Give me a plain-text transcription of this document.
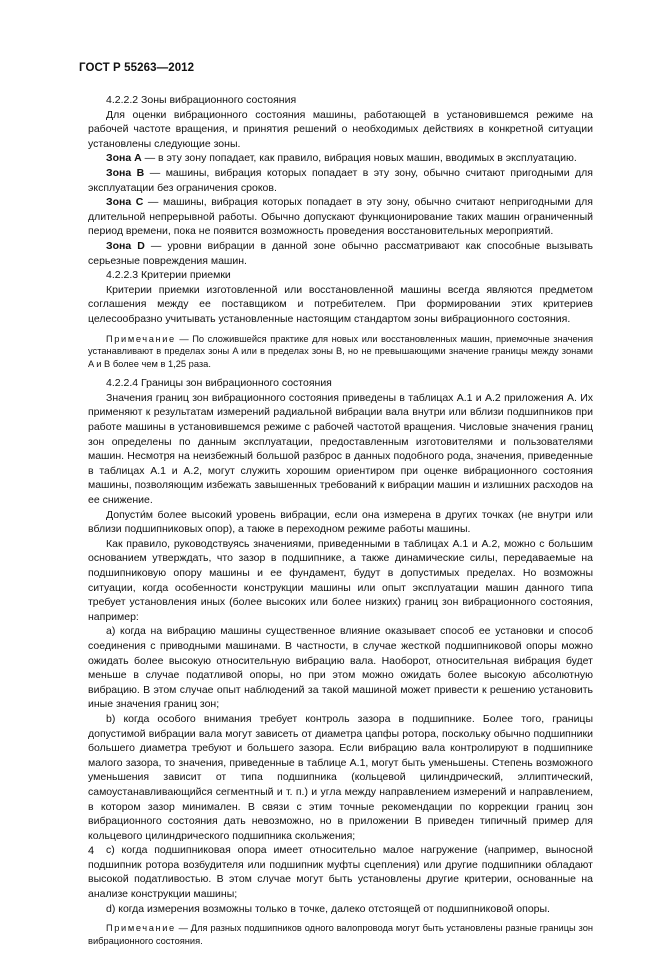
ГОСТ Р 55263—2012

4.2.2.2 Зоны вибрационного состояния

Для оценки вибрационного состояния машины, работающей в установившемся режиме на рабочей частоте вращения, и принятия решений о необходимых действиях в конкретной ситуации установлены следующие зоны.

Зона A — в эту зону попадает, как правило, вибрация новых машин, вводимых в эксплуатацию.

Зона B — машины, вибрация которых попадает в эту зону, обычно считают пригодными для эксплуатации без ограничения сроков.

Зона C — машины, вибрация которых попадает в эту зону, обычно считают непригодными для длительной непрерывной работы. Обычно допускают функционирование таких машин ограниченный период времени, пока не появится возможность проведения восстановительных мероприятий.

Зона D — уровни вибрации в данной зоне обычно рассматривают как способные вызывать серьезные повреждения машин.

4.2.2.3 Критерии приемки

Критерии приемки изготовленной или восстановленной машины всегда являются предметом соглашения между ее поставщиком и потребителем. При формировании этих критериев целесообразно учитывать установленные настоящим стандартом зоны вибрационного состояния.

Примечание — По сложившейся практике для новых или восстановленных машин, приемочные значения устанавливают в пределах зоны A или в пределах зоны B, но не превышающими значение границы между зонами A и B более чем в 1,25 раза.

4.2.2.4 Границы зон вибрационного состояния

Значения границ зон вибрационного состояния приведены в таблицах A.1 и A.2 приложения A. Их применяют к результатам измерений радиальной вибрации вала внутри или вблизи подшипников при работе машины в установившемся режиме с рабочей частотой вращения. Числовые значения границ зон определены по данным эксплуатации, предоставленным изготовителями и пользователями машин. Несмотря на неизбежный большой разброс в данных подобного рода, значения, приведенные в таблицах A.1 и A.2, могут служить хорошим ориентиром при оценке вибрационного состояния машины, позволяющим избежать завышенных требований к вибрации машин и излишних расходов на ее снижение.

Допусти́м более высокий уровень вибрации, если она измерена в других точках (не внутри или вблизи подшипниковых опор), а также в переходном режиме работы машины.

Как правило, руководствуясь значениями, приведенными в таблицах A.1 и A.2, можно с большим основанием утверждать, что зазор в подшипнике, а также динамические силы, передаваемые на подшипниковую опору машины и ее фундамент, будут в допустимых пределах. Но возможны ситуации, когда особенности конструкции машины или опыт эксплуатации машин данного типа требует установления иных (более высоких или более низких) границ зон вибрационного состояния, например:

а) когда на вибрацию машины существенное влияние оказывает способ ее установки и способ соединения с приводными машинами. В частности, в случае жесткой подшипниковой опоры можно ожидать более высокую относительную вибрацию вала. Наоборот, относительная вибрация будет меньше в случае податливой опоры, но при этом можно ожидать более высокую абсолютную вибрацию. В этом случае опыт наблюдений за такой машиной может привести к решению установить иные значения границ зон;

b) когда особого внимания требует контроль зазора в подшипнике. Более того, границы допустимой вибрации вала могут зависеть от диаметра цапфы ротора, поскольку обычно подшипники большего диаметра требуют и большего зазора. Если вибрацию вала контролируют в подшипнике малого зазора, то значения, приведенные в таблице A.1, могут быть уменьшены. Степень возможного уменьшения зависит от типа подшипника (кольцевой цилиндрический, эллиптический, самоустанавливающийся сегментный и т. п.) и угла между направлением измерений и направлением, в котором зазор минимален. В связи с этим точные рекомендации по коррекции границ зон вибрационного состояния дать невозможно, но в приложении B приведен типичный пример для кольцевого цилиндрического подшипника скольжения;

c) когда подшипниковая опора имеет относительно малое нагружение (например, выносной подшипник ротора возбудителя или подшипник муфты сцепления) или другие подшипники обладают высокой податливостью. В этом случае могут быть установлены другие критерии, основанные на анализе конструкции машины;

d) когда измерения возможны только в точке, далеко отстоящей от подшипниковой опоры.

Примечание — Для разных подшипников одного валопровода могут быть установлены разные границы зон вибрационного состояния.

4
